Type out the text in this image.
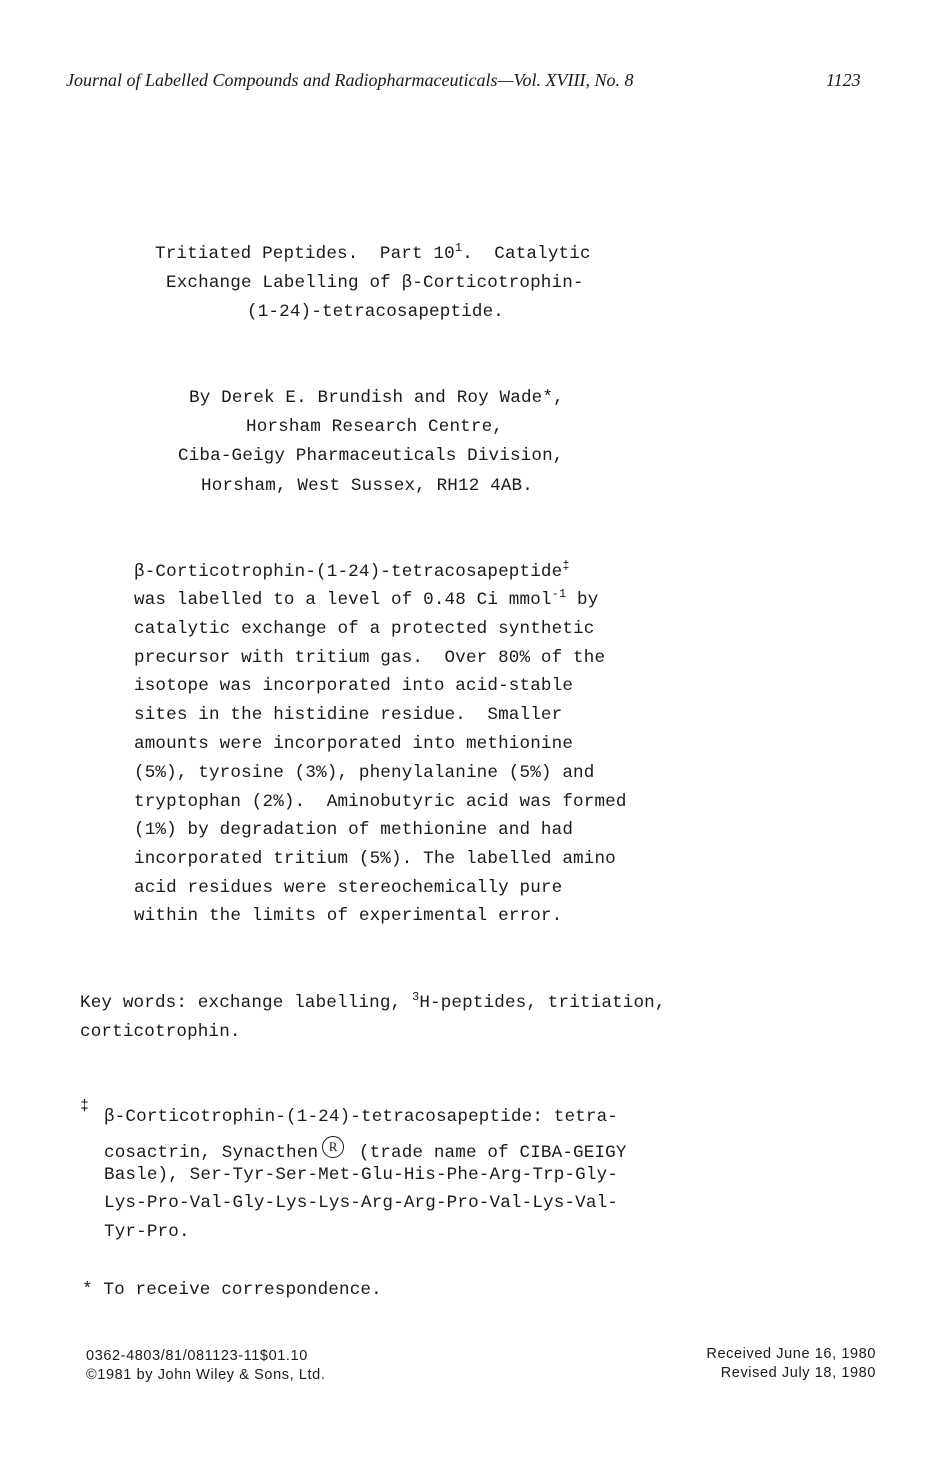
Journal of Labelled Compounds and Radiopharmaceuticals—Vol. XVIII, No. 8	1123
Tritiated Peptides.  Part $10^1$.  Catalytic
Exchange Labelling of β-Corticotrophin-
(1-24)-tetracosapeptide.
By Derek E. Brundish and Roy Wade*,
Horsham Research Centre,
Ciba-Geigy Pharmaceuticals Division,
Horsham, West Sussex, RH12 4AB.
β-Corticotrophin-(1-24)-tetracosapeptide‡
was labelled to a level of 0.48 Ci mmol$^{-1}$ by
catalytic exchange of a protected synthetic
precursor with tritium gas.  Over 80% of the
isotope was incorporated into acid-stable
sites in the histidine residue.  Smaller
amounts were incorporated into methionine
(5%), tyrosine (3%), phenylalanine (5%) and
tryptophan (2%).  Aminobutyric acid was formed
(1%) by degradation of methionine and had
incorporated tritium (5%). The labelled amino
acid residues were stereochemically pure
within the limits of experimental error.
Key words: exchange labelling, $^3$H-peptides, tritiation,
corticotrophin.
‡
β-Corticotrophin-(1-24)-tetracosapeptide: tetra-
cosactrin, Synacthen R (trade name of CIBA-GEIGY
Basle), Ser-Tyr-Ser-Met-Glu-His-Phe-Arg-Trp-Gly-
Lys-Pro-Val-Gly-Lys-Lys-Arg-Arg-Pro-Val-Lys-Val-
Tyr-Pro.
* To receive correspondence.
0362-4803/81/081123-11$01.10
©1981 by John Wiley & Sons, Ltd.
Received June 16, 1980
Revised July 18, 1980
